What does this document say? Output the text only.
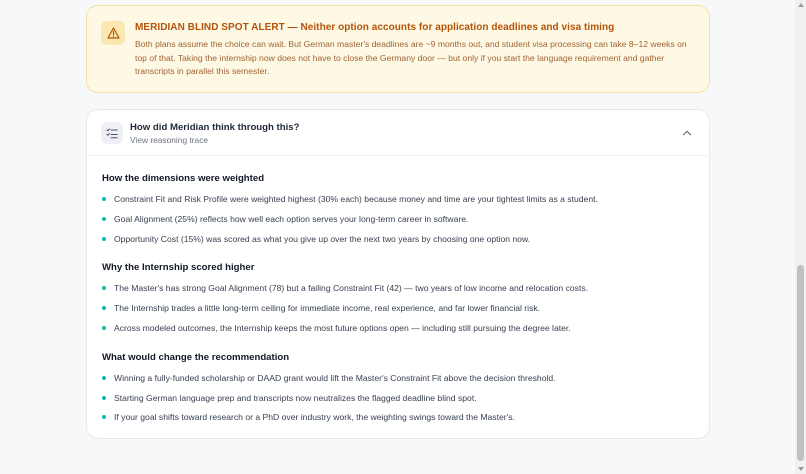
MERIDIAN BLIND SPOT ALERT — Neither option accounts for application deadlines and visa timing
Both plans assume the choice can wait. But German master's deadlines are ~9 months out, and student visa processing can take 8–12 weeks on top of that. Taking the internship now does not have to close the Germany door — but only if you start the language requirement and gather transcripts in parallel this semester.
How did Meridian think through this?
View reasoning trace
How the dimensions were weighted
Constraint Fit and Risk Profile were weighted highest (30% each) because money and time are your tightest limits as a student.
Goal Alignment (25%) reflects how well each option serves your long-term career in software.
Opportunity Cost (15%) was scored as what you give up over the next two years by choosing one option now.
Why the Internship scored higher
The Master's has strong Goal Alignment (78) but a failing Constraint Fit (42) — two years of low income and relocation costs.
The Internship trades a little long-term ceiling for immediate income, real experience, and far lower financial risk.
Across modeled outcomes, the Internship keeps the most future options open — including still pursuing the degree later.
What would change the recommendation
Winning a fully-funded scholarship or DAAD grant would lift the Master's Constraint Fit above the decision threshold.
Starting German language prep and transcripts now neutralizes the flagged deadline blind spot.
If your goal shifts toward research or a PhD over industry work, the weighting swings toward the Master's.
